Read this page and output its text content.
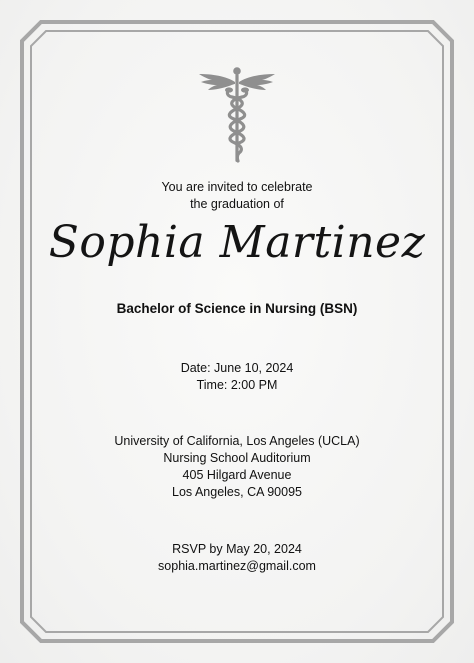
You are invited to celebrate
the graduation of
Sophia Martinez
Bachelor of Science in Nursing (BSN)
Date: June 10, 2024
Time: 2:00 PM
University of California, Los Angeles (UCLA)
Nursing School Auditorium
405 Hilgard Avenue
Los Angeles, CA 90095
RSVP by May 20, 2024
sophia.martinez@gmail.com
